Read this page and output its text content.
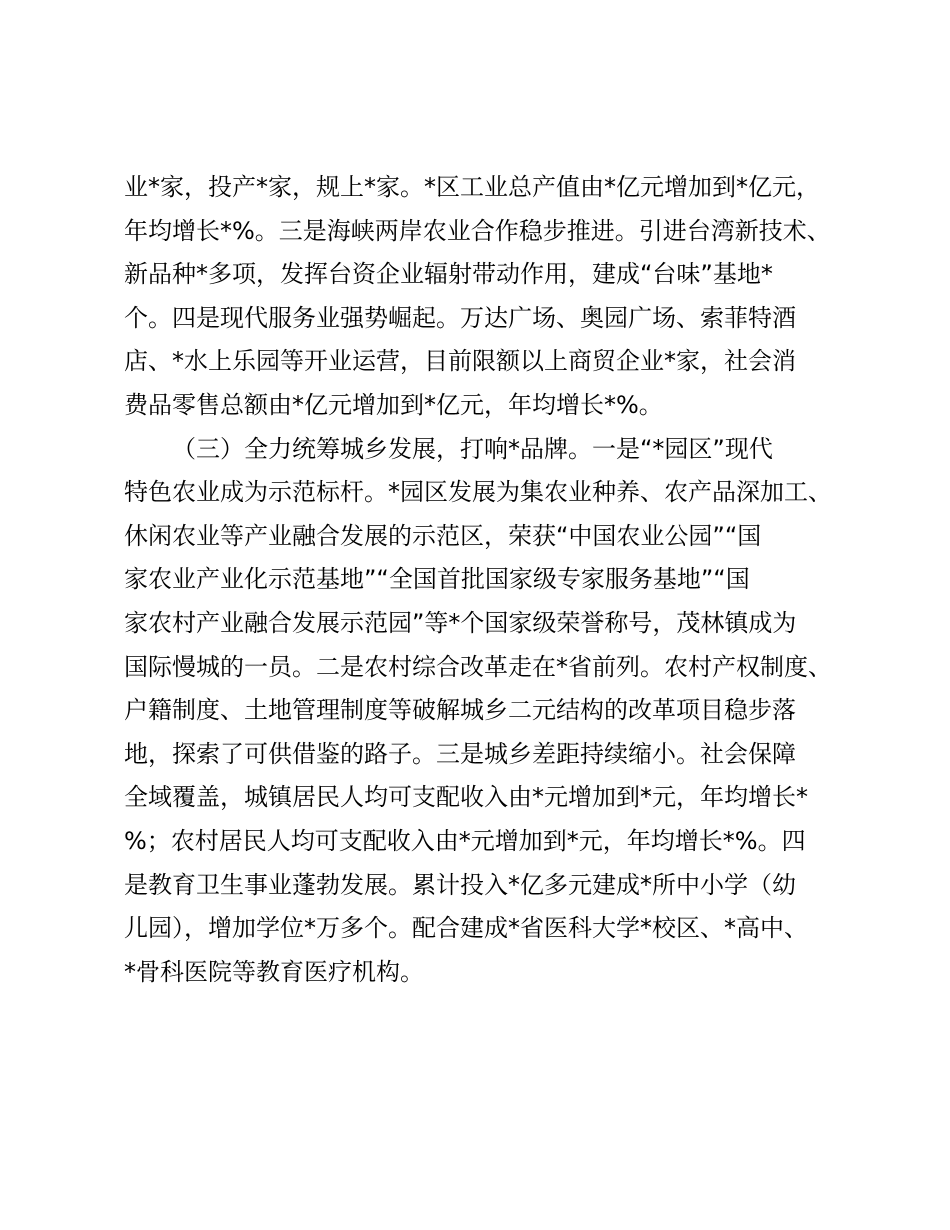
业*家，投产*家，规上*家。*区工业总产值由*亿元增加到*亿元，
年均增长*%。三是海峡两岸农业合作稳步推进。引进台湾新技术、
新品种*多项，发挥台资企业辐射带动作用，建成“台味”基地*
个。四是现代服务业强势崛起。万达广场、奥园广场、索菲特酒
店、*水上乐园等开业运营，目前限额以上商贸企业*家，社会消
费品零售总额由*亿元增加到*亿元，年均增长*%。
（三）全力统筹城乡发展，打响*品牌。一是“*园区”现代
特色农业成为示范标杆。*园区发展为集农业种养、农产品深加工、
休闲农业等产业融合发展的示范区，荣获“中国农业公园”“国
家农业产业化示范基地”“全国首批国家级专家服务基地”“国
家农村产业融合发展示范园”等*个国家级荣誉称号，茂林镇成为
国际慢城的一员。二是农村综合改革走在*省前列。农村产权制度、
户籍制度、土地管理制度等破解城乡二元结构的改革项目稳步落
地，探索了可供借鉴的路子。三是城乡差距持续缩小。社会保障
全域覆盖，城镇居民人均可支配收入由*元增加到*元，年均增长*
%；农村居民人均可支配收入由*元增加到*元，年均增长*%。四
是教育卫生事业蓬勃发展。累计投入*亿多元建成*所中小学（幼
儿园），增加学位*万多个。配合建成*省医科大学*校区、*高中、
*骨科医院等教育医疗机构。
